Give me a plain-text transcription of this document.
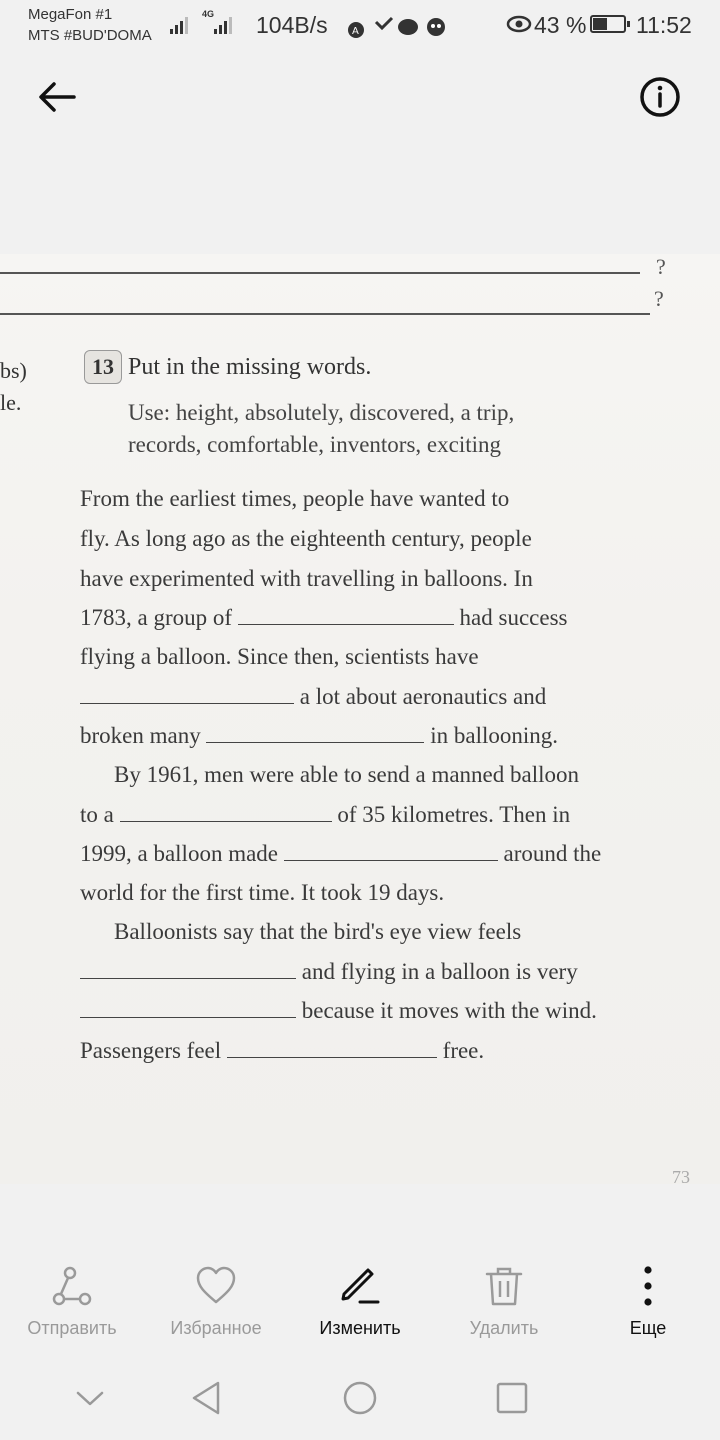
MegaFon #1
MTS #BUD'DOMA
4G 104B/s A	43 % 11:52
?
?
bs)
le.
13 Put in the missing words.
Use: height, absolutely, discovered, a trip,
records, comfortable, inventors, exciting
From the earliest times, people have wanted to
fly. As long ago as the eighteenth century, people
have experimented with travelling in balloons. In
1783, a group of	had success
flying a balloon. Since then, scientists have
a lot about aeronautics and
broken many	in ballooning.
By 1961, men were able to send a manned balloon
to a	of 35 kilometres. Then in
1999, a balloon made	around the
world for the first time. It took 19 days.
Balloonists say that the bird's eye view feels
and flying in a balloon is very
because it moves with the wind.
Passengers feel	free.
73
Отправить	Избранное	Изменить	Удалить	Еще
